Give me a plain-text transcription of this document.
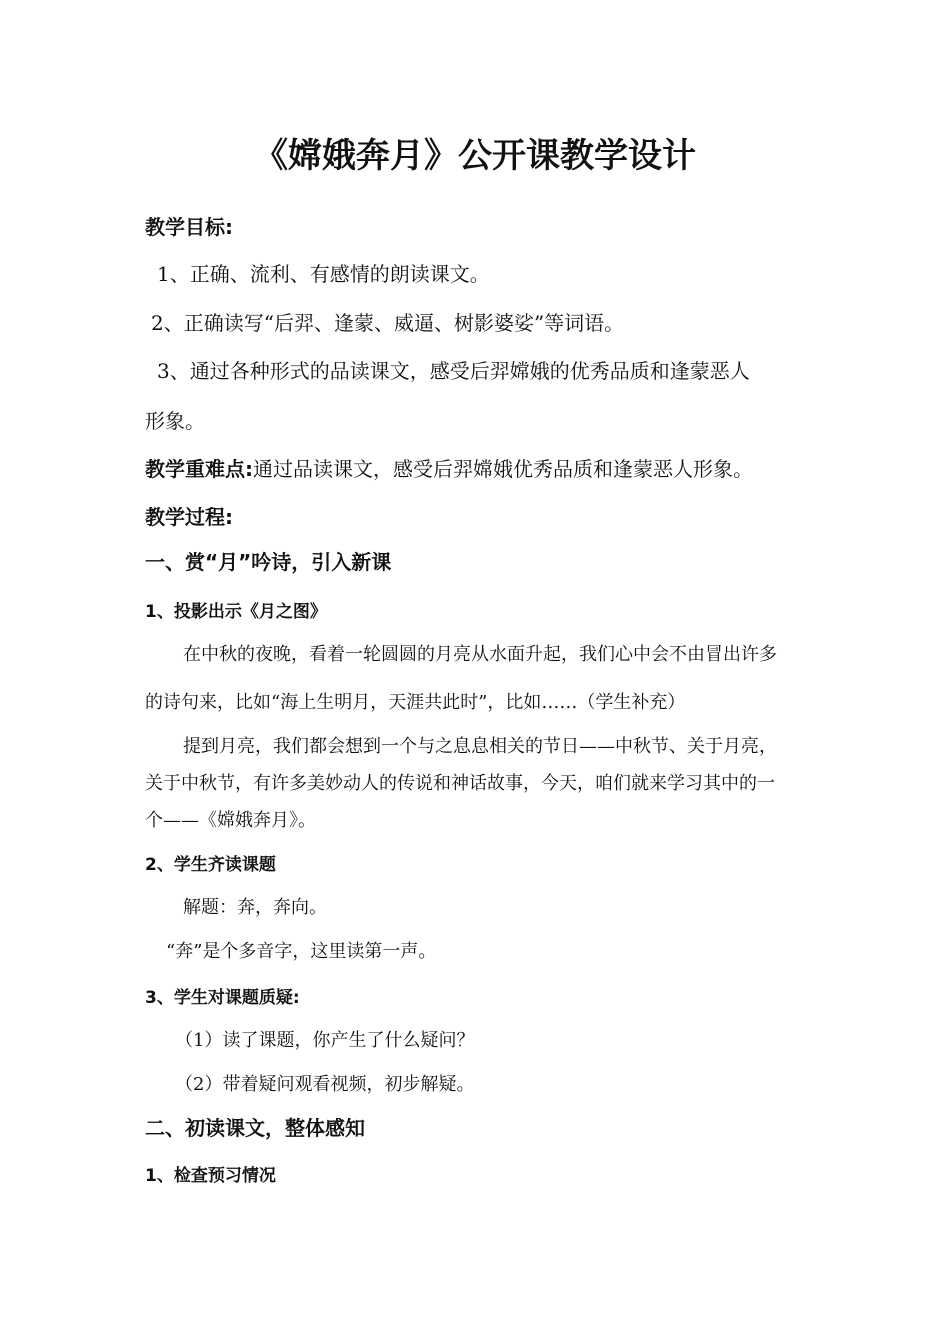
《嫦娥奔月》公开课教学设计
教学目标:
1、正确、流利、有感情的朗读课文。
2、正确读写“后羿、逢蒙、威逼、树影婆娑”等词语。
3、通过各种形式的品读课文，感受后羿嫦娥的优秀品质和逢蒙恶人
形象。
教学重难点:通过品读课文，感受后羿嫦娥优秀品质和逢蒙恶人形象。
教学过程:
一、赏“月”吟诗，引入新课
1、投影出示《月之图》
在中秋的夜晚，看着一轮圆圆的月亮从水面升起，我们心中会不由冒出许多
的诗句来，比如“海上生明月，天涯共此时”，比如……（学生补充）
提到月亮，我们都会想到一个与之息息相关的节日——中秋节、关于月亮，
关于中秋节，有许多美妙动人的传说和神话故事，今天，咱们就来学习其中的一
个——《嫦娥奔月》。
2、学生齐读课题
解题：奔，奔向。
“奔”是个多音字，这里读第一声。
3、学生对课题质疑:
（1）读了课题，你产生了什么疑问？
（2）带着疑问观看视频，初步解疑。
二、初读课文，整体感知
1、检查预习情况
